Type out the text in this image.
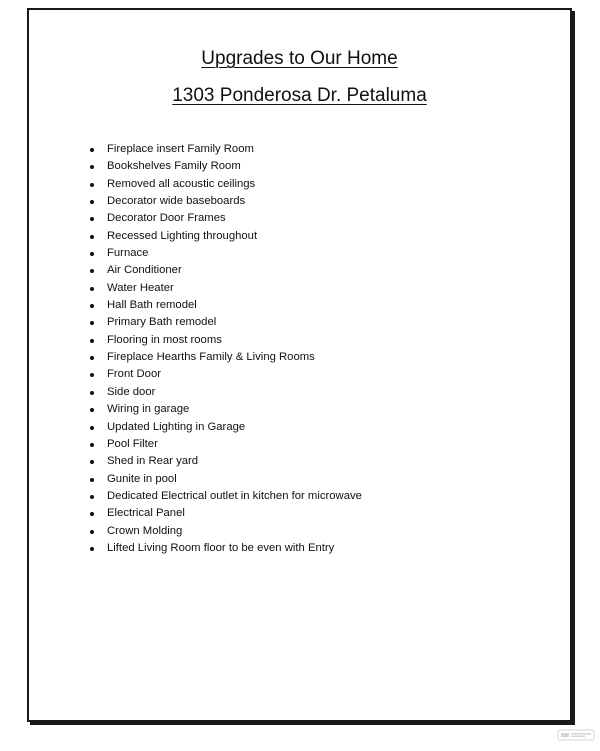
Upgrades to Our Home
1303 Ponderosa Dr. Petaluma
Fireplace insert Family Room
Bookshelves Family Room
Removed all acoustic ceilings
Decorator wide baseboards
Decorator Door Frames
Recessed Lighting throughout
Furnace
Air Conditioner
Water Heater
Hall Bath remodel
Primary Bath remodel
Flooring in most rooms
Fireplace Hearths Family & Living Rooms
Front Door
Side door
Wiring in garage
Updated Lighting in Garage
Pool Filter
Shed in Rear yard
Gunite in pool
Dedicated Electrical outlet in kitchen for microwave
Electrical Panel
Crown Molding
Lifted Living Room floor to be even with Entry
